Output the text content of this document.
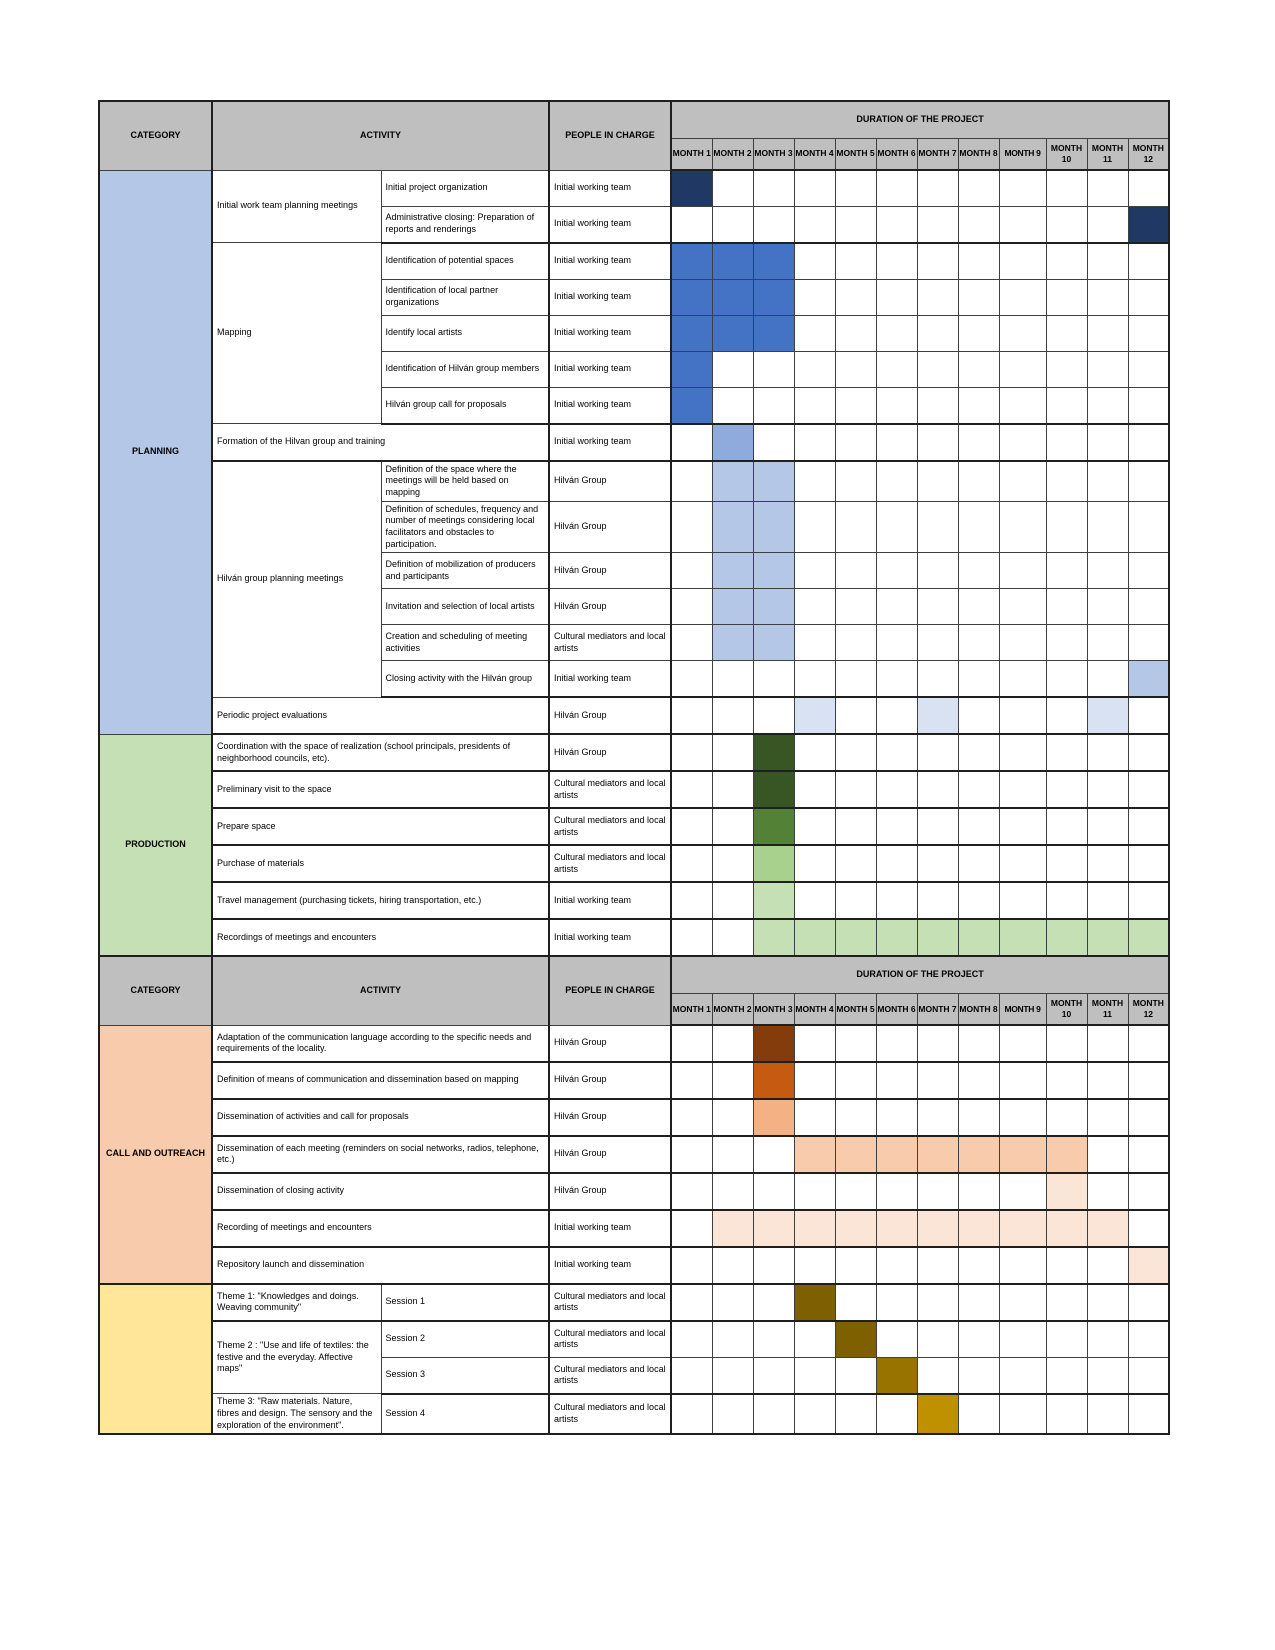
CATEGORY	ACTIVITY		PEOPLE IN CHARGE	DURATION OF THE PROJECT											
				MONTH 1	MONTH 2	MONTH 3	MONTH 4	MONTH 5	MONTH 6	MONTH 7	MONTH 8	MONTH 9	MONTH 10	MONTH 11	MONTH 12
PLANNING	Initial work team planning meetings	Initial project organization	Initial working team												
		Administrative closing: Preparation of reports and renderings	Initial working team												
	Mapping	Identification of potential spaces	Initial working team												
		Identification of local partner organizations	Initial working team												
		Identify local artists	Initial working team												
		Identification of Hilván group members	Initial working team												
		Hilván group call for proposals	Initial working team												
	Formation of the Hilvan group and training		Initial working team												
	Hilván group planning meetings	Definition of the space where the meetings will be held based on mapping	Hilván Group												
		Definition of schedules, frequency and number of meetings considering local facilitators and obstacles to participation.	Hilván Group												
		Definition of mobilization of producers and participants	Hilván Group												
		Invitation and selection of local artists	Hilván Group												
		Creation and scheduling of meeting activities	Cultural mediators and local artists												
		Closing activity with the Hilván group	Initial working team												
	Periodic project evaluations		Hilván Group												
PRODUCTION	Coordination with the space of realization (school principals, presidents of neighborhood councils, etc).		Hilván Group												
	Preliminary visit to the space		Cultural mediators and local artists												
	Prepare space		Cultural mediators and local artists												
	Purchase of materials		Cultural mediators and local artists												
	Travel management (purchasing tickets, hiring transportation, etc.)		Initial working team												
	Recordings of meetings and encounters		Initial working team												
CATEGORY	ACTIVITY		PEOPLE IN CHARGE	DURATION OF THE PROJECT											
				MONTH 1	MONTH 2	MONTH 3	MONTH 4	MONTH 5	MONTH 6	MONTH 7	MONTH 8	MONTH 9	MONTH 10	MONTH 11	MONTH 12
CALL AND OUTREACH	Adaptation of the communication language according to the specific needs and requirements of the locality.		Hilván Group												
	Definition of means of communication and dissemination based on mapping		Hilván Group												
	Dissemination of activities and call for proposals		Hilván Group												
	Dissemination of each meeting (reminders on social networks, radios, telephone, etc.)		Hilván Group												
	Dissemination of closing activity		Hilván Group												
	Recording of meetings and encounters		Initial working team												
	Repository launch and dissemination		Initial working team												
	Theme 1: "Knowledges and doings. Weaving community"	Session 1	Cultural mediators and local artists												
	Theme 2 : "Use and life of textiles: the festive and the everyday. Affective maps"	Session 2	Cultural mediators and local artists												
		Session 3	Cultural mediators and local artists												
	Theme 3: "Raw materials. Nature, fibres and design. The sensory and the exploration of the environment".	Session 4	Cultural mediators and local artists												
